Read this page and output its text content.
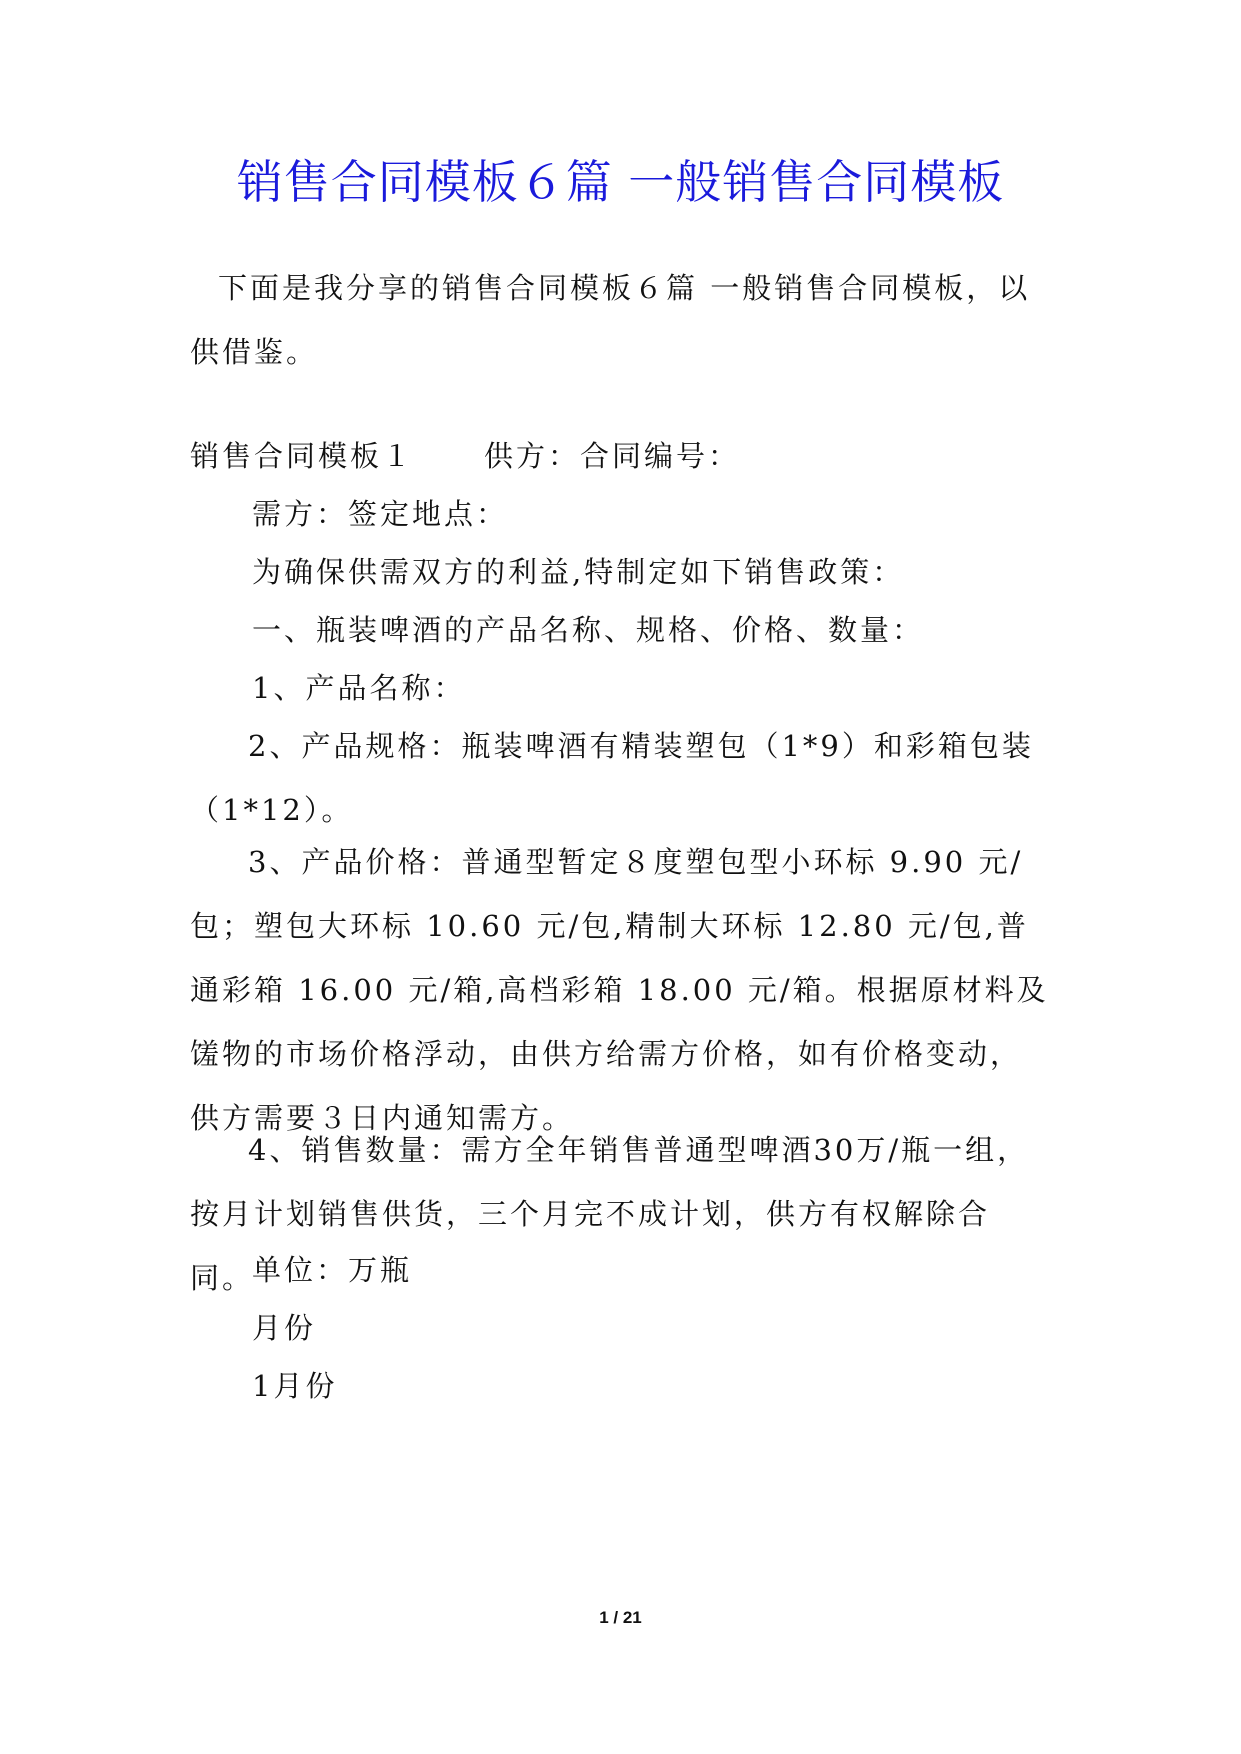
销售合同模板６篇 一般销售合同模板

下面是我分享的销售合同模板６篇 一般销售合同模板，以供借鉴。

销售合同模板１ 供方：合同编号：
需方：签定地点：
为确保供需双方的利益,特制定如下销售政策：
一、瓶装啤酒的产品名称、规格、价格、数量：
1、产品名称：

2、产品规格：瓶装啤酒有精装塑包（1*9）和彩箱包装（1*12）。

3、产品价格：普通型暂定８度塑包型小环标 9.90 元/包；塑包大环标 10.60 元/包,精制大环标 12.80 元/包,普通彩箱 16.00 元/箱,高档彩箱 18.00 元/箱。根据原材料及馐物的市场价格浮动，由供方给需方价格，如有价格变动，供方需要３日内通知需方。

4、销售数量：需方全年销售普通型啤酒30万/瓶一组，按月计划销售供货，三个月完不成计划，供方有权解除合同。

单位：万瓶
月份
1月份
1 / 21
